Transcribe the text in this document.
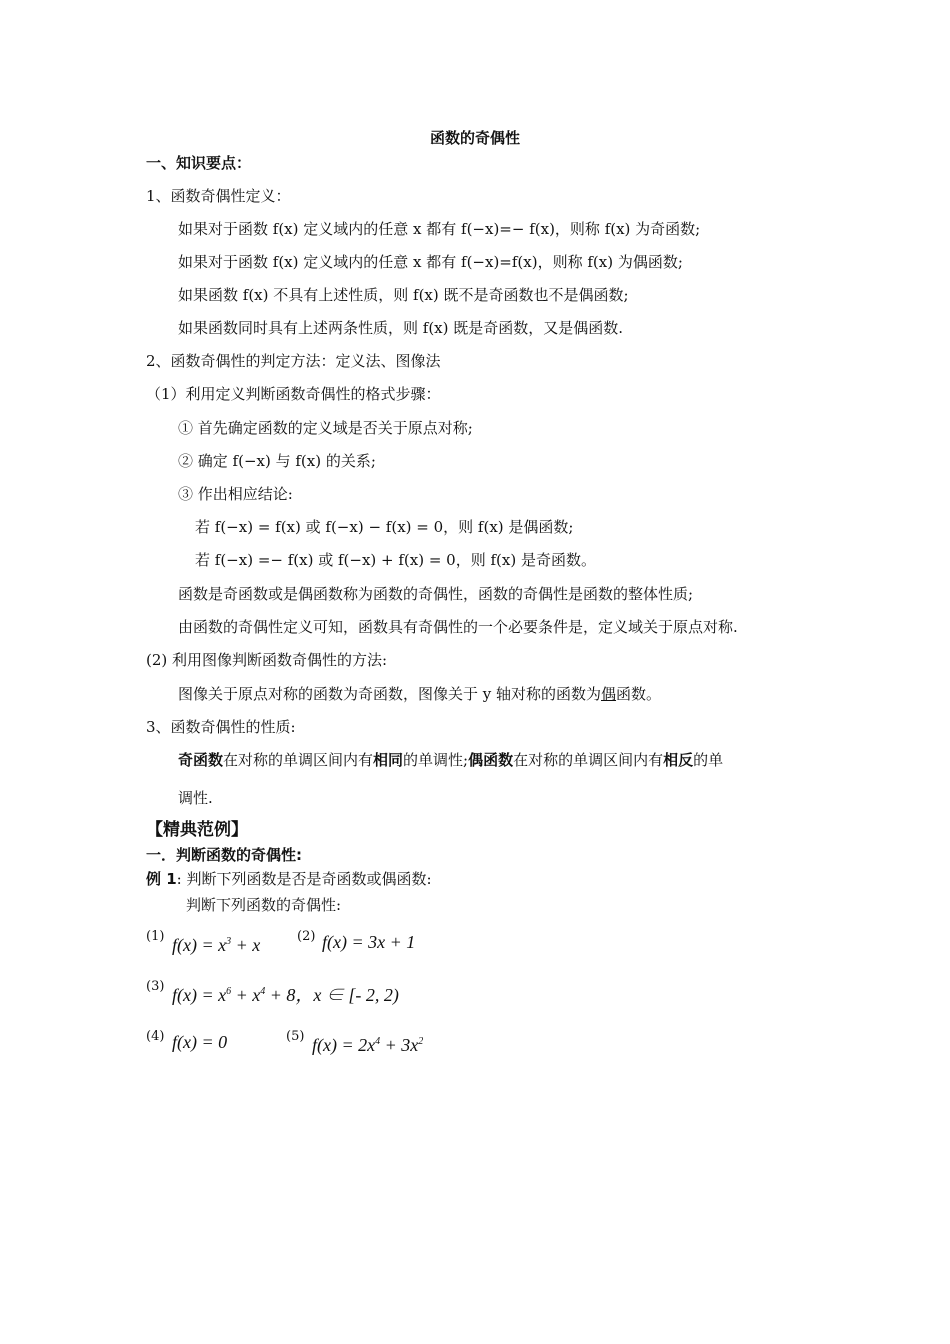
函数的奇偶性
一、知识要点：
1、函数奇偶性定义：
如果对于函数 f(x) 定义域内的任意 x 都有 f(−x)=− f(x)，则称 f(x) 为奇函数;
如果对于函数 f(x) 定义域内的任意 x 都有 f(−x)=f(x)，则称 f(x) 为偶函数;
如果函数 f(x) 不具有上述性质，则 f(x) 既不是奇函数也不是偶函数;
如果函数同时具有上述两条性质，则 f(x) 既是奇函数，又是偶函数.
2、函数奇偶性的判定方法：定义法、图像法
（1）利用定义判断函数奇偶性的格式步骤：
① 首先确定函数的定义域是否关于原点对称;
② 确定 f(−x) 与 f(x) 的关系;
③ 作出相应结论:
若 f(−x) = f(x) 或 f(−x) − f(x) = 0，则 f(x) 是偶函数;
若 f(−x) =− f(x) 或 f(−x) + f(x) = 0，则 f(x) 是奇函数。
函数是奇函数或是偶函数称为函数的奇偶性，函数的奇偶性是函数的整体性质;
由函数的奇偶性定义可知，函数具有奇偶性的一个必要条件是，定义域关于原点对称.
(2) 利用图像判断函数奇偶性的方法:
图像关于原点对称的函数为奇函数，图像关于 y 轴对称的函数为偶函数。
3、函数奇偶性的性质:
奇函数在对称的单调区间内有相同的单调性;偶函数在对称的单调区间内有相反的单
调性.
【精典范例】
一．判断函数的奇偶性:
例 1: 判断下列函数是否是奇函数或偶函数:
判断下列函数的奇偶性:
(1) $f(x) = x^3 + x$	(2) f(x) = 3x + 1
(3) $f(x) = x^6 + x^4 + 8$，x ∈ [- 2, 2)
(4) f(x) = 0	(5) $f(x) = 2x^4 + 3x^2$
